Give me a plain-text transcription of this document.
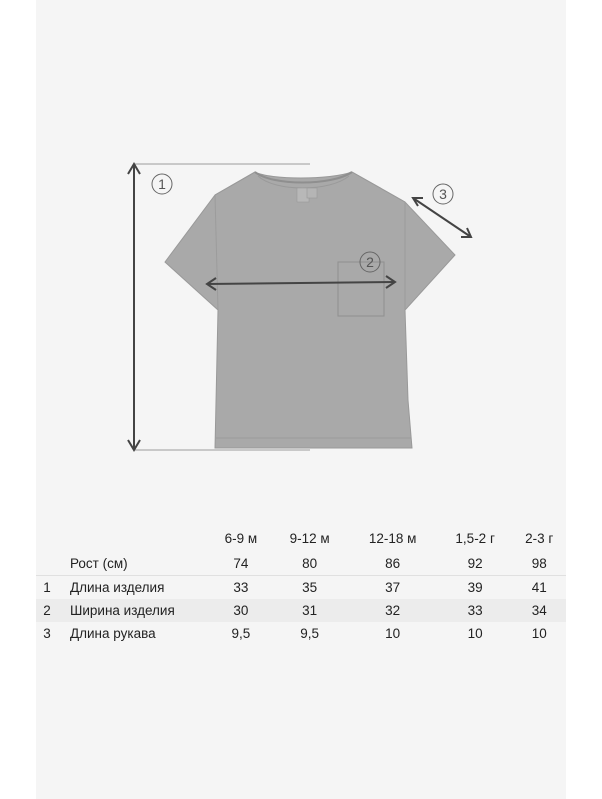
1
2
3
		6-9 м	9-12 м	12-18 м	1,5-2 г	2-3 г
	Рост (см)	74	80	86	92	98
1	Длина изделия	33	35	37	39	41
2	Ширина изделия	30	31	32	33	34
3	Длина рукава	9,5	9,5	10	10	10
